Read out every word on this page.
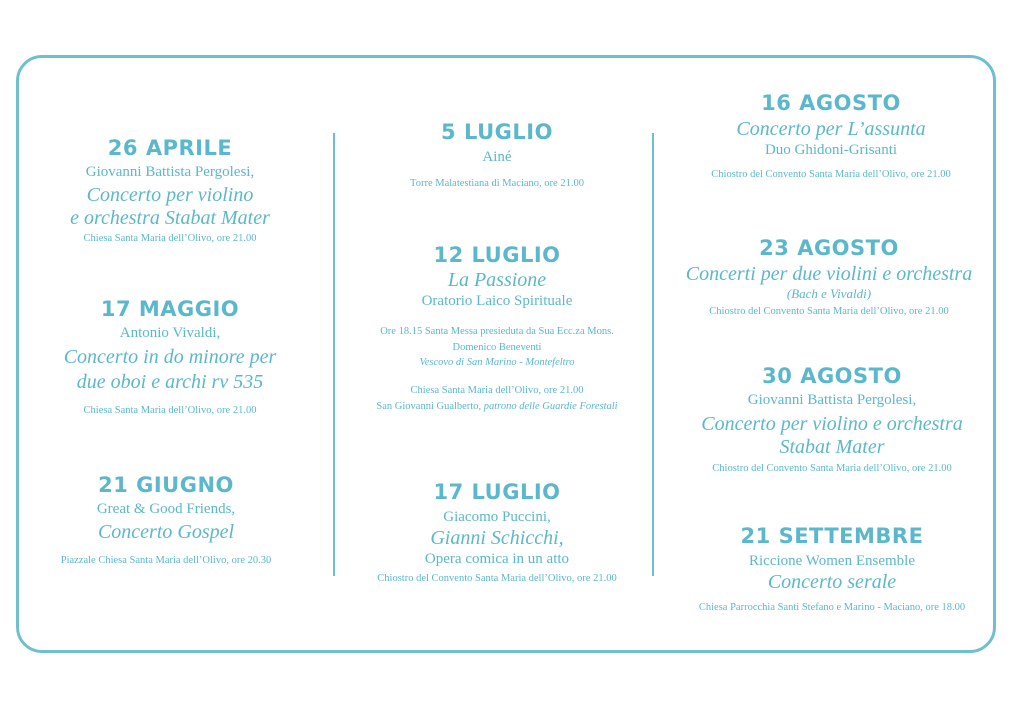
26 APRILE
Giovanni Battista Pergolesi,
Concerto per violino
e orchestra Stabat Mater
Chiesa Santa Maria dell’Olivo, ore 21.00
17 MAGGIO
Antonio Vivaldi,
Concerto in do minore per
due oboi e archi rv 535
Chiesa Santa Maria dell’Olivo, ore 21.00
21 GIUGNO
Great & Good Friends,
Concerto Gospel
Piazzale Chiesa Santa Maria dell’Olivo, ore 20.30
5 LUGLIO
Ainé
Torre Malatestiana di Maciano, ore 21.00
12 LUGLIO
La Passione
Oratorio Laico Spirituale
Ore 18.15 Santa Messa presieduta da Sua Ecc.za Mons.
Domenico Beneventi
Vescovo di San Marino - Montefeltro
Chiesa Santa Maria dell’Olivo, ore 21.00
San Giovanni Gualberto, patrono delle Guardie Forestali
17 LUGLIO
Giacomo Puccini,
Gianni Schicchi,
Opera comica in un atto
Chiostro del Convento Santa Maria dell’Olivo, ore 21.00
16 AGOSTO
Concerto per L’assunta
Duo Ghidoni-Grisanti
Chiostro del Convento Santa Maria dell’Olivo, ore 21.00
23 AGOSTO
Concerti per due violini e orchestra
(Bach e Vivaldi)
Chiostro del Convento Santa Maria dell’Olivo, ore 21.00
30 AGOSTO
Giovanni Battista Pergolesi,
Concerto per violino e orchestra
Stabat Mater
Chiostro del Convento Santa Maria dell’Olivo, ore 21.00
21 SETTEMBRE
Riccione Women Ensemble
Concerto serale
Chiesa Parrocchia Santi Stefano e Marino - Maciano, ore 18.00
